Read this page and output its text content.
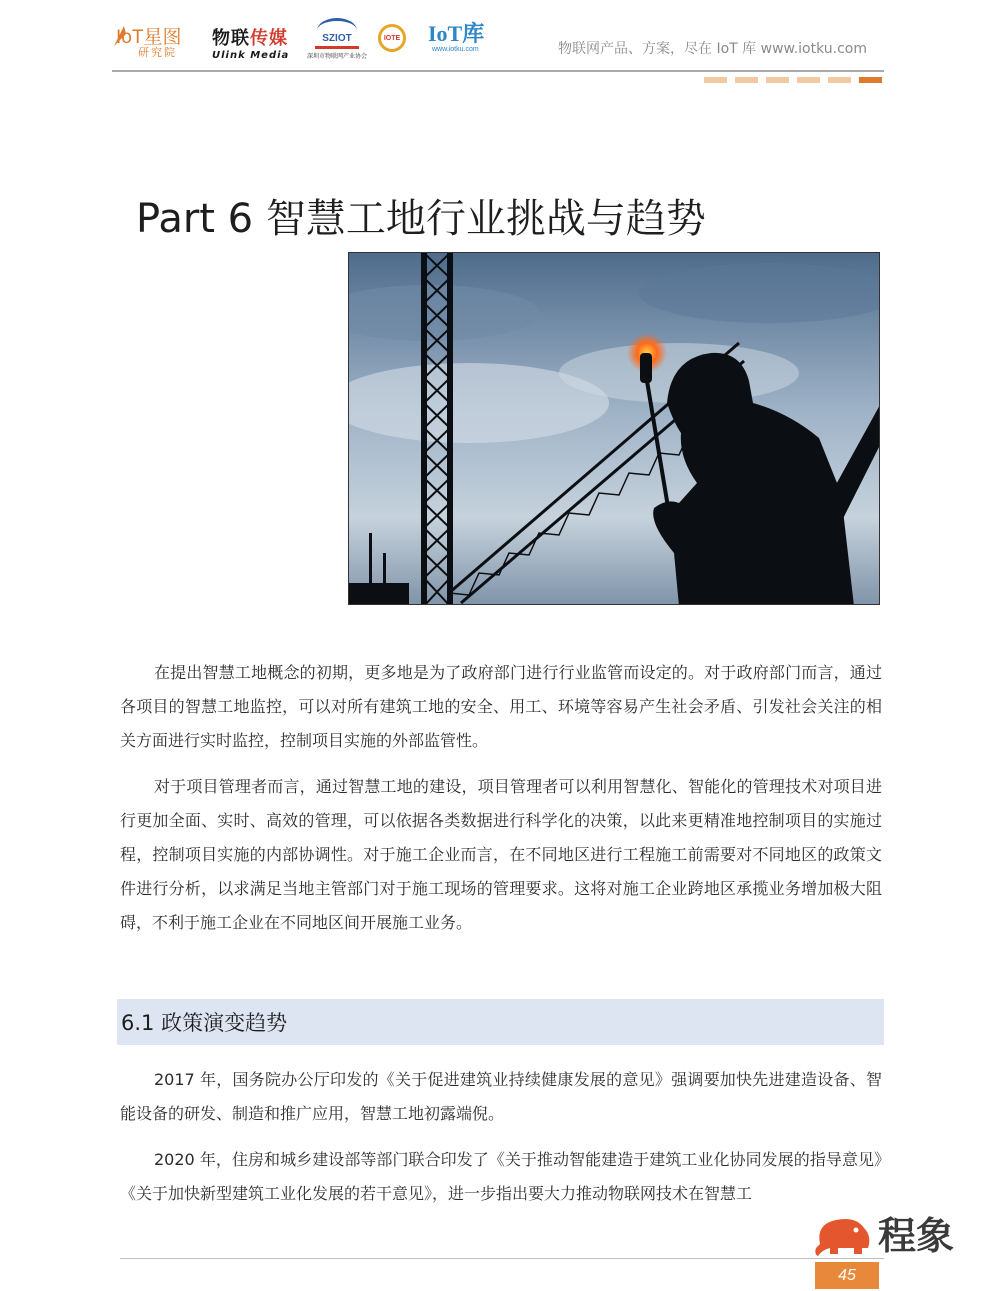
IoT星图
研究院
物联传媒
Ulink Media
SZIOT
深圳市物联网产业协会
IOTE IoT库
www.iotku.com	物联网产品、方案，尽在 IoT 库 www.iotku.com
Part 6 智慧工地行业挑战与趋势

在提出智慧工地概念的初期，更多地是为了政府部门进行行业监管而设定的。对于政府部门而言，通过各项目的智慧工地监控，可以对所有建筑工地的安全、用工、环境等容易产生社会矛盾、引发社会关注的相关方面进行实时监控，控制项目实施的外部监管性。

对于项目管理者而言，通过智慧工地的建设，项目管理者可以利用智慧化、智能化的管理技术对项目进行更加全面、实时、高效的管理，可以依据各类数据进行科学化的决策，以此来更精准地控制项目的实施过程，控制项目实施的内部协调性。对于施工企业而言，在不同地区进行工程施工前需要对不同地区的政策文件进行分析，以求满足当地主管部门对于施工现场的管理要求。这将对施工企业跨地区承揽业务增加极大阻碍，不利于施工企业在不同地区间开展施工业务。

6.1 政策演变趋势

2017 年，国务院办公厅印发的《关于促进建筑业持续健康发展的意见》强调要加快先进建造设备、智能设备的研发、制造和推广应用，智慧工地初露端倪。

2020 年，住房和城乡建设部等部门联合印发了《关于推动智能建造于建筑工业化协同发展的指导意见》《关于加快新型建筑工业化发展的若干意见》，进一步指出要大力推动物联网技术在智慧工

45
程象
